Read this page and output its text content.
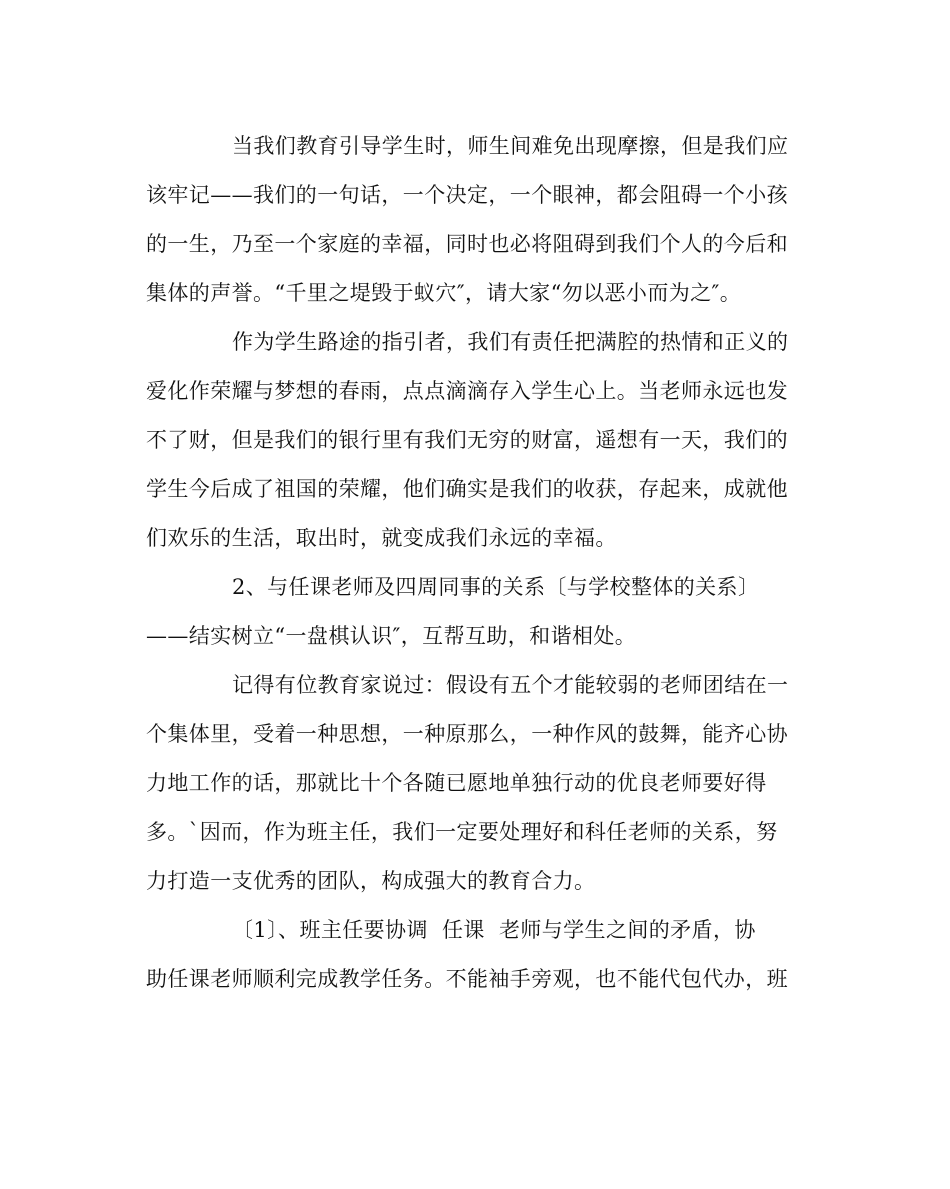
当我们教育引导学生时，师生间难免出现摩擦，但是我们应
该牢记——我们的一句话，一个决定，一个眼神，都会阻碍一个小孩
的一生，乃至一个家庭的幸福，同时也必将阻碍到我们个人的今后和
集体的声誉。“千里之堤毁于蚁穴″，请大家“勿以恶小而为之″。
作为学生路途的指引者，我们有责任把满腔的热情和正义的
爱化作荣耀与梦想的春雨，点点滴滴存入学生心上。当老师永远也发
不了财，但是我们的银行里有我们无穷的财富，遥想有一天，我们的
学生今后成了祖国的荣耀，他们确实是我们的收获，存起来，成就他
们欢乐的生活，取出时，就变成我们永远的幸福。
2、与任课老师及四周同事的关系〔与学校整体的关系〕
——结实树立“一盘棋认识″，互帮互助，和谐相处。
记得有位教育家说过：假设有五个才能较弱的老师团结在一
个集体里，受着一种思想，一种原那么，一种作风的鼓舞，能齐心协
力地工作的话，那就比十个各随已愿地单独行动的优良老师要好得
多。`因而，作为班主任，我们一定要处理好和科任老师的关系，努
力打造一支优秀的团队，构成强大的教育合力。
〔1〕、班主任要协调  任课  老师与学生之间的矛盾，协
助任课老师顺利完成教学任务。不能袖手旁观，也不能代包代办，班
